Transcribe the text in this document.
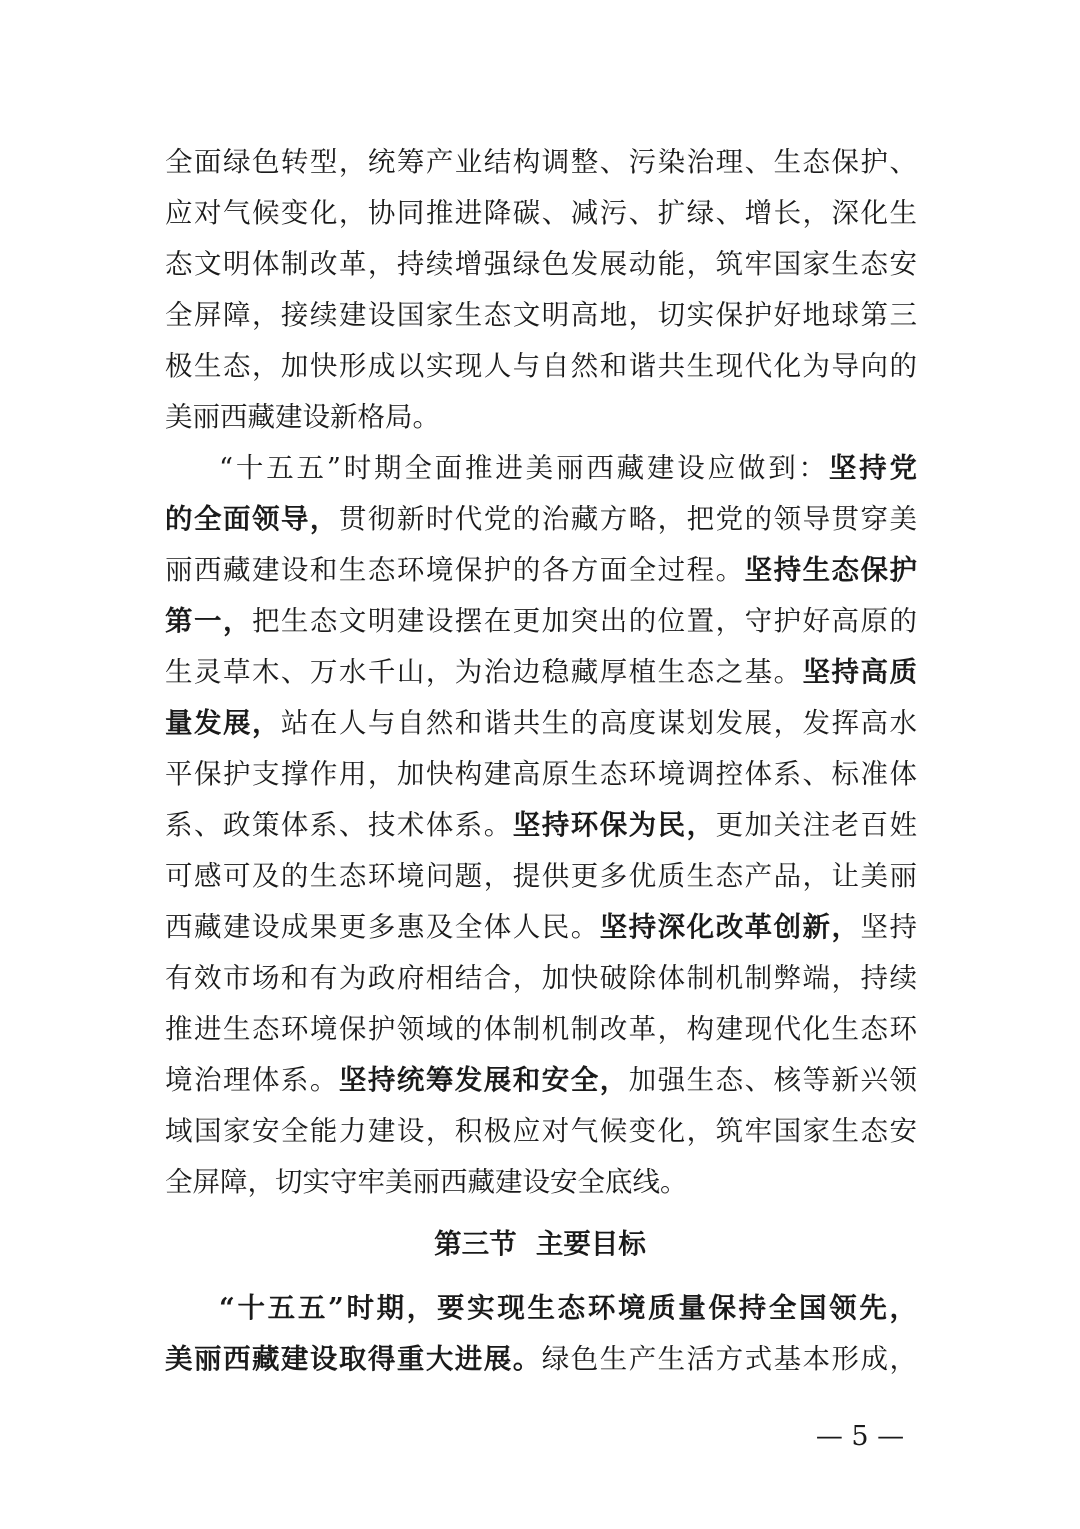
全面绿色转型，统筹产业结构调整、污染治理、生态保护、
应对气候变化，协同推进降碳、减污、扩绿、增长，深化生
态文明体制改革，持续增强绿色发展动能，筑牢国家生态安
全屏障，接续建设国家生态文明高地，切实保护好地球第三
极生态，加快形成以实现人与自然和谐共生现代化为导向的
美丽西藏建设新格局。
“十五五”时期全面推进美丽西藏建设应做到：坚持党
的全面领导，贯彻新时代党的治藏方略，把党的领导贯穿美
丽西藏建设和生态环境保护的各方面全过程。坚持生态保护
第一，把生态文明建设摆在更加突出的位置，守护好高原的
生灵草木、万水千山，为治边稳藏厚植生态之基。坚持高质
量发展，站在人与自然和谐共生的高度谋划发展，发挥高水
平保护支撑作用，加快构建高原生态环境调控体系、标准体
系、政策体系、技术体系。坚持环保为民，更加关注老百姓
可感可及的生态环境问题，提供更多优质生态产品，让美丽
西藏建设成果更多惠及全体人民。坚持深化改革创新，坚持
有效市场和有为政府相结合，加快破除体制机制弊端，持续
推进生态环境保护领域的体制机制改革，构建现代化生态环
境治理体系。坚持统筹发展和安全，加强生态、核等新兴领
域国家安全能力建设，积极应对气候变化，筑牢国家生态安
全屏障，切实守牢美丽西藏建设安全底线。
第三节  主要目标
“十五五”时期，要实现生态环境质量保持全国领先，
美丽西藏建设取得重大进展。绿色生产生活方式基本形成，
— 5 —
